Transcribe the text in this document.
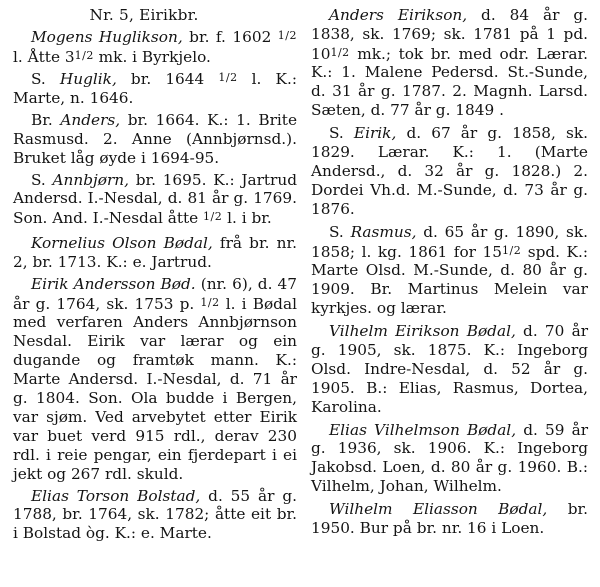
Nr. 5, Eirikbr.

Mogens Huglikson, br. f. 1602 1/2 l. Åtte 31/2 mk. i Byrkjelo.

S. Huglik, br. 1644 1/2 l. K.: Marte, n. 1646.

Br. Anders, br. 1664. K.: 1. Brite Rasmusd. 2. Anne (Annbjørnsd.). Bruket låg øyde i 1694-95.

S. Annbjørn, br. 1695. K.: Jartrud Andersd. I.-Nesdal, d. 81 år g. 1769. Son. And. I.-Nesdal åtte 1/2 l. i br.

Kornelius Olson Bødal, frå br. nr. 2, br. 1713. K.: e. Jartrud.

Eirik Andersson Bød. (nr. 6), d. 47 år g. 1764, sk. 1753 p. 1/2 l. i Bødal med verfaren Anders Annbjørnson Nesdal. Eirik var lærar og ein dugande og framtøk mann. K.: Marte Andersd. I.-Nesdal, d. 71 år g. 1804. Son. Ola budde i Bergen, var sjøm. Ved arvebytet etter Eirik var buet verd 915 rdl., derav 230 rdl. i reie pengar, ein fjerdepart i ei jekt og 267 rdl. skuld.

Elias Torson Bolstad, d. 55 år g. 1788, br. 1764, sk. 1782; åtte eit br. i Bolstad òg. K.: e. Marte.

Anders Eirikson, d. 84 år g. 1838, sk. 1769; sk. 1781 på 1 pd. 101/2 mk.; tok br. med odr. Lærar. K.: 1. Malene Pedersd. St.-Sunde, d. 31 år g. 1787. 2. Magnh. Larsd. Sæten, d. 77 år g. 1849 .

S. Eirik, d. 67 år g. 1858, sk. 1829. Lærar. K.: 1. (Marte Andersd., d. 32 år g. 1828.) 2. Dordei Vh.d. M.-Sunde, d. 73 år g. 1876.

S. Rasmus, d. 65 år g. 1890, sk. 1858; l. kg. 1861 for 151/2 spd. K.: Marte Olsd. M.-Sunde, d. 80 år g. 1909. Br. Martinus Melein var kyrkjes. og lærar.

Vilhelm Eirikson Bødal, d. 70 år g. 1905, sk. 1875. K.: Ingeborg Olsd. Indre-Nesdal, d. 52 år g. 1905. B.: Elias, Rasmus, Dortea, Karolina.

Elias Vilhelmson Bødal, d. 59 år g. 1936, sk. 1906. K.: Ingeborg Jakobsd. Loen, d. 80 år g. 1960. B.: Vilhelm, Johan, Wilhelm.

Wilhelm Eliasson Bødal, br. 1950. Bur på br. nr. 16 i Loen.
